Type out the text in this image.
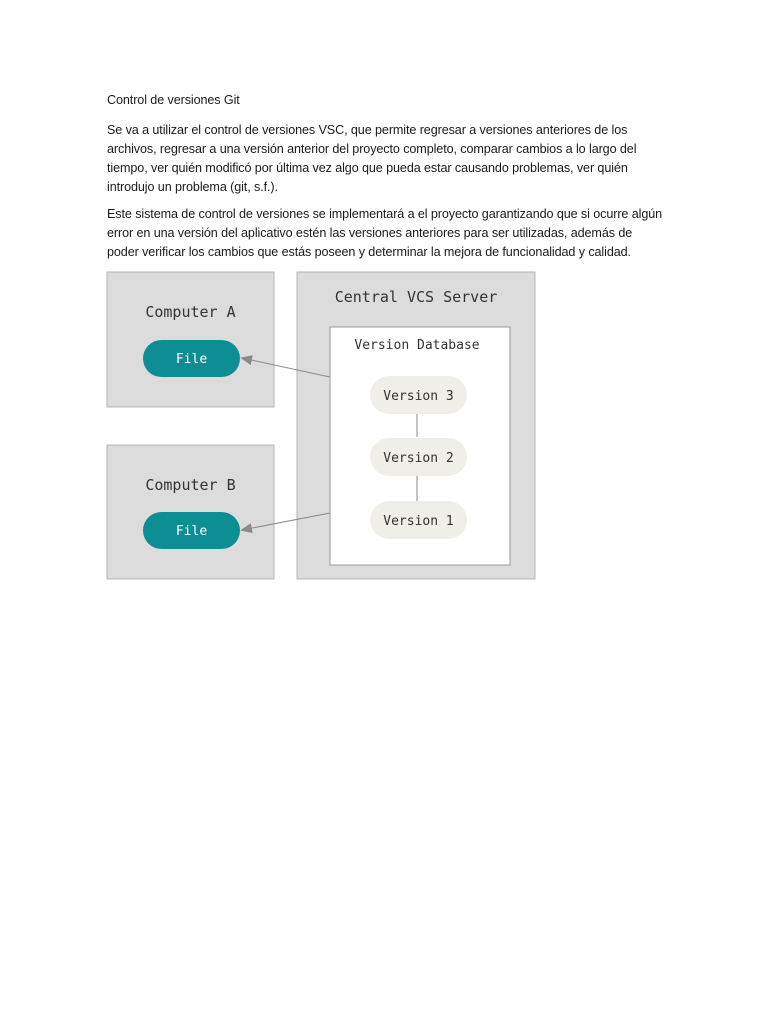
Control de versiones Git
Se va a utilizar el control de versiones VSC, que permite regresar a versiones anteriores de los archivos, regresar a una versión anterior del proyecto completo, comparar cambios a lo largo del tiempo, ver quién modificó por última vez algo que pueda estar causando problemas, ver quién introdujo un problema (git, s.f.).
Este sistema de control de versiones se implementará a el proyecto garantizando que si ocurre algún error en una versión del aplicativo estén las versiones anteriores para ser utilizadas, además de poder verificar los cambios que estás poseen y determinar la mejora de funcionalidad y calidad.
Computer A
File
Computer B
File
Central VCS Server
Version Database
Version 3
Version 2
Version 1
